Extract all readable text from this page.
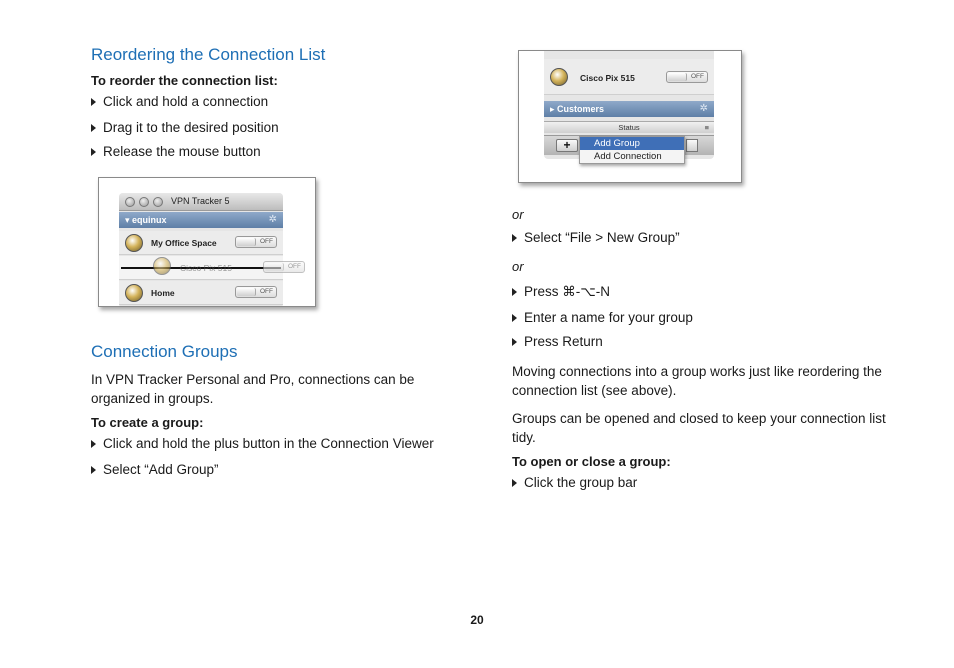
Reordering the Connection List
To reorder the connection list:
Click and hold a connection
Drag it to the desired position
Release the mouse button
Connection Groups
In VPN Tracker Personal and Pro, connections can be organized in groups.
To create a group:
Click and hold the plus button in the Connection Viewer
Select “Add Group”
VPN Tracker 5
▾ equinux	✲
My Office Space	OFF
Home	OFF
Cisco Pix 515	OFF
Cisco Pix 515	OFF
▸ Customers	✲
Status	≡
+	Add Group
Add Connection
or
Select “File > New Group”
or
Press ⌘-⌥-N
Enter a name for your group
Press Return
Moving connections into a group works just like reordering the connection list (see above).
Groups can be opened and closed to keep your connection list tidy.
To open or close a group:
Click the group bar
20
